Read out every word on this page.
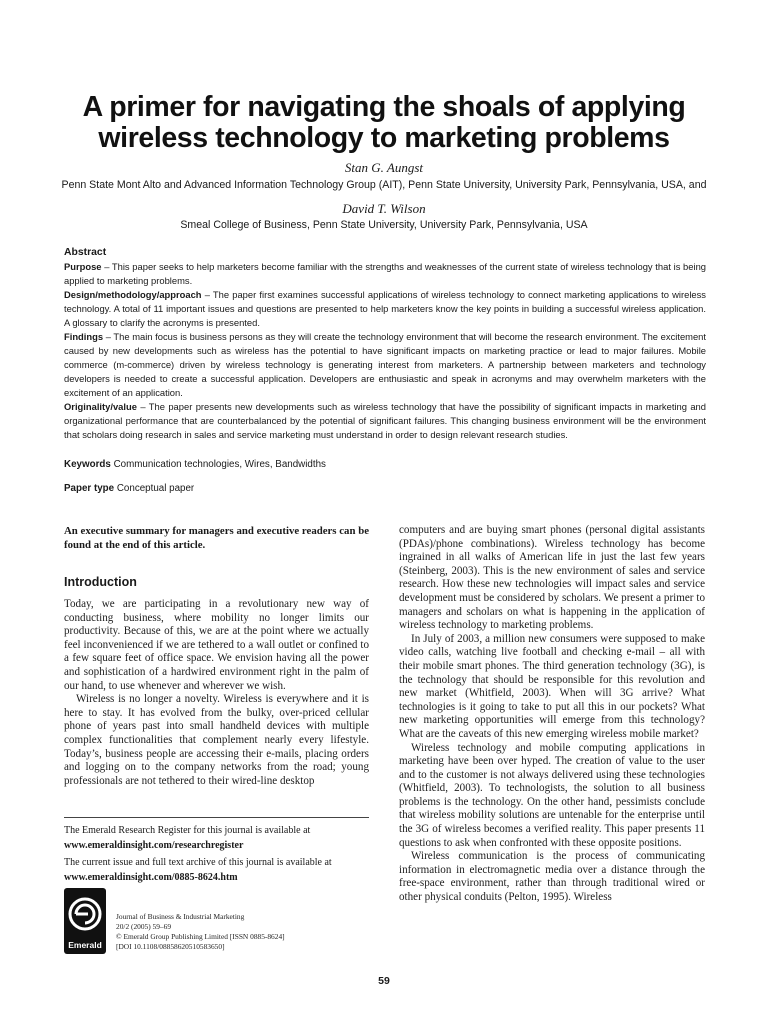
A primer for navigating the shoals of applying wireless technology to marketing problems
Stan G. Aungst
Penn State Mont Alto and Advanced Information Technology Group (AIT), Penn State University, University Park, Pennsylvania, USA, and
David T. Wilson
Smeal College of Business, Penn State University, University Park, Pennsylvania, USA
Abstract

Purpose – This paper seeks to help marketers become familiar with the strengths and weaknesses of the current state of wireless technology that is being applied to marketing problems.

Design/methodology/approach – The paper first examines successful applications of wireless technology to connect marketing applications to wireless technology. A total of 11 important issues and questions are presented to help marketers know the key points in building a successful wireless application. A glossary to clarify the acronyms is presented.

Findings – The main focus is business persons as they will create the technology environment that will become the research environment. The excitement caused by new developments such as wireless has the potential to have significant impacts on marketing practice or lead to major failures. Mobile commerce (m-commerce) driven by wireless technology is generating interest from marketers. A partnership between marketers and technology developers is needed to create a successful application. Developers are enthusiastic and speak in acronyms and may overwhelm marketers with the excitement of an application.

Originality/value – The paper presents new developments such as wireless technology that have the possibility of significant impacts in marketing and organizational performance that are counterbalanced by the potential of significant failures. This changing business environment will be the environment that scholars doing research in sales and service marketing must understand in order to design relevant research studies.

Keywords Communication technologies, Wires, Bandwidths
Paper type Conceptual paper
An executive summary for managers and executive readers can be found at the end of this article.
Introduction

Today, we are participating in a revolutionary new way of conducting business, where mobility no longer limits our productivity. Because of this, we are at the point where we actually feel inconvenienced if we are tethered to a wall outlet or confined to a few square feet of office space. We envision having all the power and sophistication of a hardwired environment right in the palm of our hand, to use whenever and wherever we wish.

Wireless is no longer a novelty. Wireless is everywhere and it is here to stay. It has evolved from the bulky, over-priced cellular phone of years past into small handheld devices with multiple complex functionalities that complement nearly every lifestyle. Today’s, business people are accessing their e-mails, placing orders and logging on to the company networks from the road; young professionals are not tethered to their wired-line desktop

computers and are buying smart phones (personal digital assistants (PDAs)/phone combinations). Wireless technology has become ingrained in all walks of American life in just the last few years (Steinberg, 2003). This is the new environment of sales and service research. How these new technologies will impact sales and service development must be considered by scholars. We present a primer to managers and scholars on what is happening in the application of wireless technology to marketing problems.

In July of 2003, a million new consumers were supposed to make video calls, watching live football and checking e-mail – all with their mobile smart phones. The third generation technology (3G), is the technology that should be responsible for this revolution and new market (Whitfield, 2003). When will 3G arrive? What technologies is it going to take to put all this in our pockets? What new marketing opportunities will emerge from this technology? What are the caveats of this new emerging wireless mobile market?

Wireless technology and mobile computing applications in marketing have been over hyped. The creation of value to the user and to the customer is not always delivered using these technologies (Whitfield, 2003). To technologists, the solution to all business problems is the technology. On the other hand, pessimists conclude that wireless mobility solutions are untenable for the enterprise until the 3G of wireless becomes a verified reality. This paper presents 11 questions to ask when confronted with these opposite positions.

Wireless communication is the process of communicating information in electromagnetic media over a distance through the free-space environment, rather than through traditional wired or other physical conduits (Pelton, 1995). Wireless

The Emerald Research Register for this journal is available at

www.emeraldinsight.com/researchregister

The current issue and full text archive of this journal is available at

www.emeraldinsight.com/0885-8624.htm

Emerald
Journal of Business & Industrial Marketing
20/2 (2005) 59–69
© Emerald Group Publishing Limited [ISSN 0885-8624]
[DOI 10.1108/08858620510583650]
59
